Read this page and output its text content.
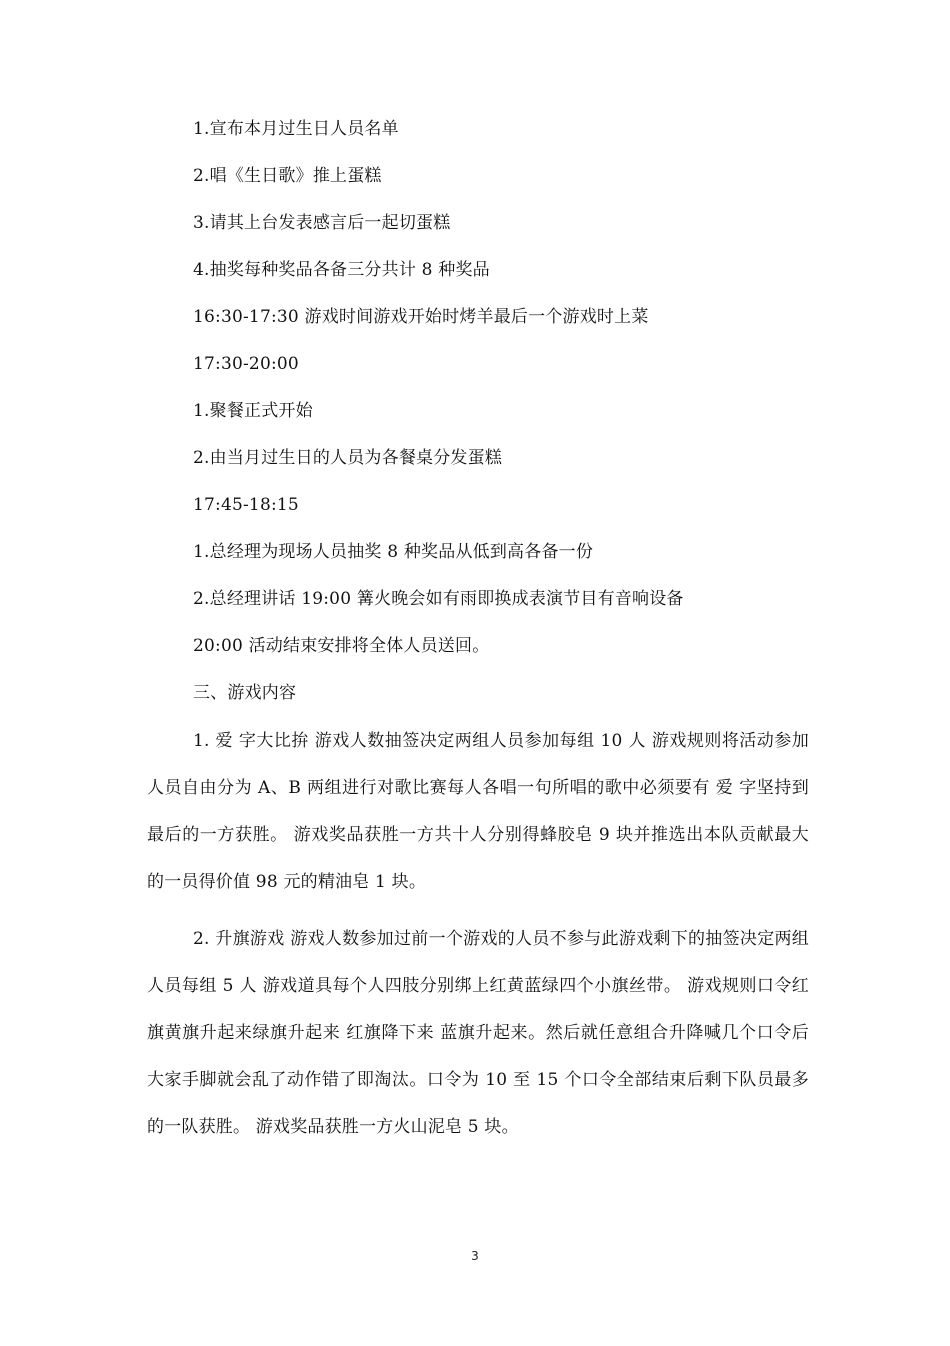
1.宣布本月过生日人员名单
2.唱《生日歌》推上蛋糕
3.请其上台发表感言后一起切蛋糕
4.抽奖每种奖品各备三分共计 8 种奖品
16:30-17:30 游戏时间游戏开始时烤羊最后一个游戏时上菜
17:30-20:00
1.聚餐正式开始
2.由当月过生日的人员为各餐桌分发蛋糕
17:45-18:15
1.总经理为现场人员抽奖 8 种奖品从低到高各备一份
2.总经理讲话 19:00 篝火晚会如有雨即换成表演节目有音响设备
20:00 活动结束安排将全体人员送回。
三、游戏内容
1. 爱 字大比拚 游戏人数抽签决定两组人员参加每组 10 人 游戏规则将活动参加人员自由分为 A、B 两组进行对歌比赛每人各唱一句所唱的歌中必须要有 爱 字坚持到最后的一方获胜。 游戏奖品获胜一方共十人分别得蜂胶皂 9 块并推选出本队贡献最大的一员得价值 98 元的精油皂 1 块。
2. 升旗游戏 游戏人数参加过前一个游戏的人员不参与此游戏剩下的抽签决定两组人员每组 5 人 游戏道具每个人四肢分别绑上红黄蓝绿四个小旗丝带。 游戏规则口令红旗黄旗升起来绿旗升起来 红旗降下来 蓝旗升起来。然后就任意组合升降喊几个口令后大家手脚就会乱了动作错了即淘汰。口令为 10 至 15 个口令全部结束后剩下队员最多的一队获胜。 游戏奖品获胜一方火山泥皂 5 块。
3
